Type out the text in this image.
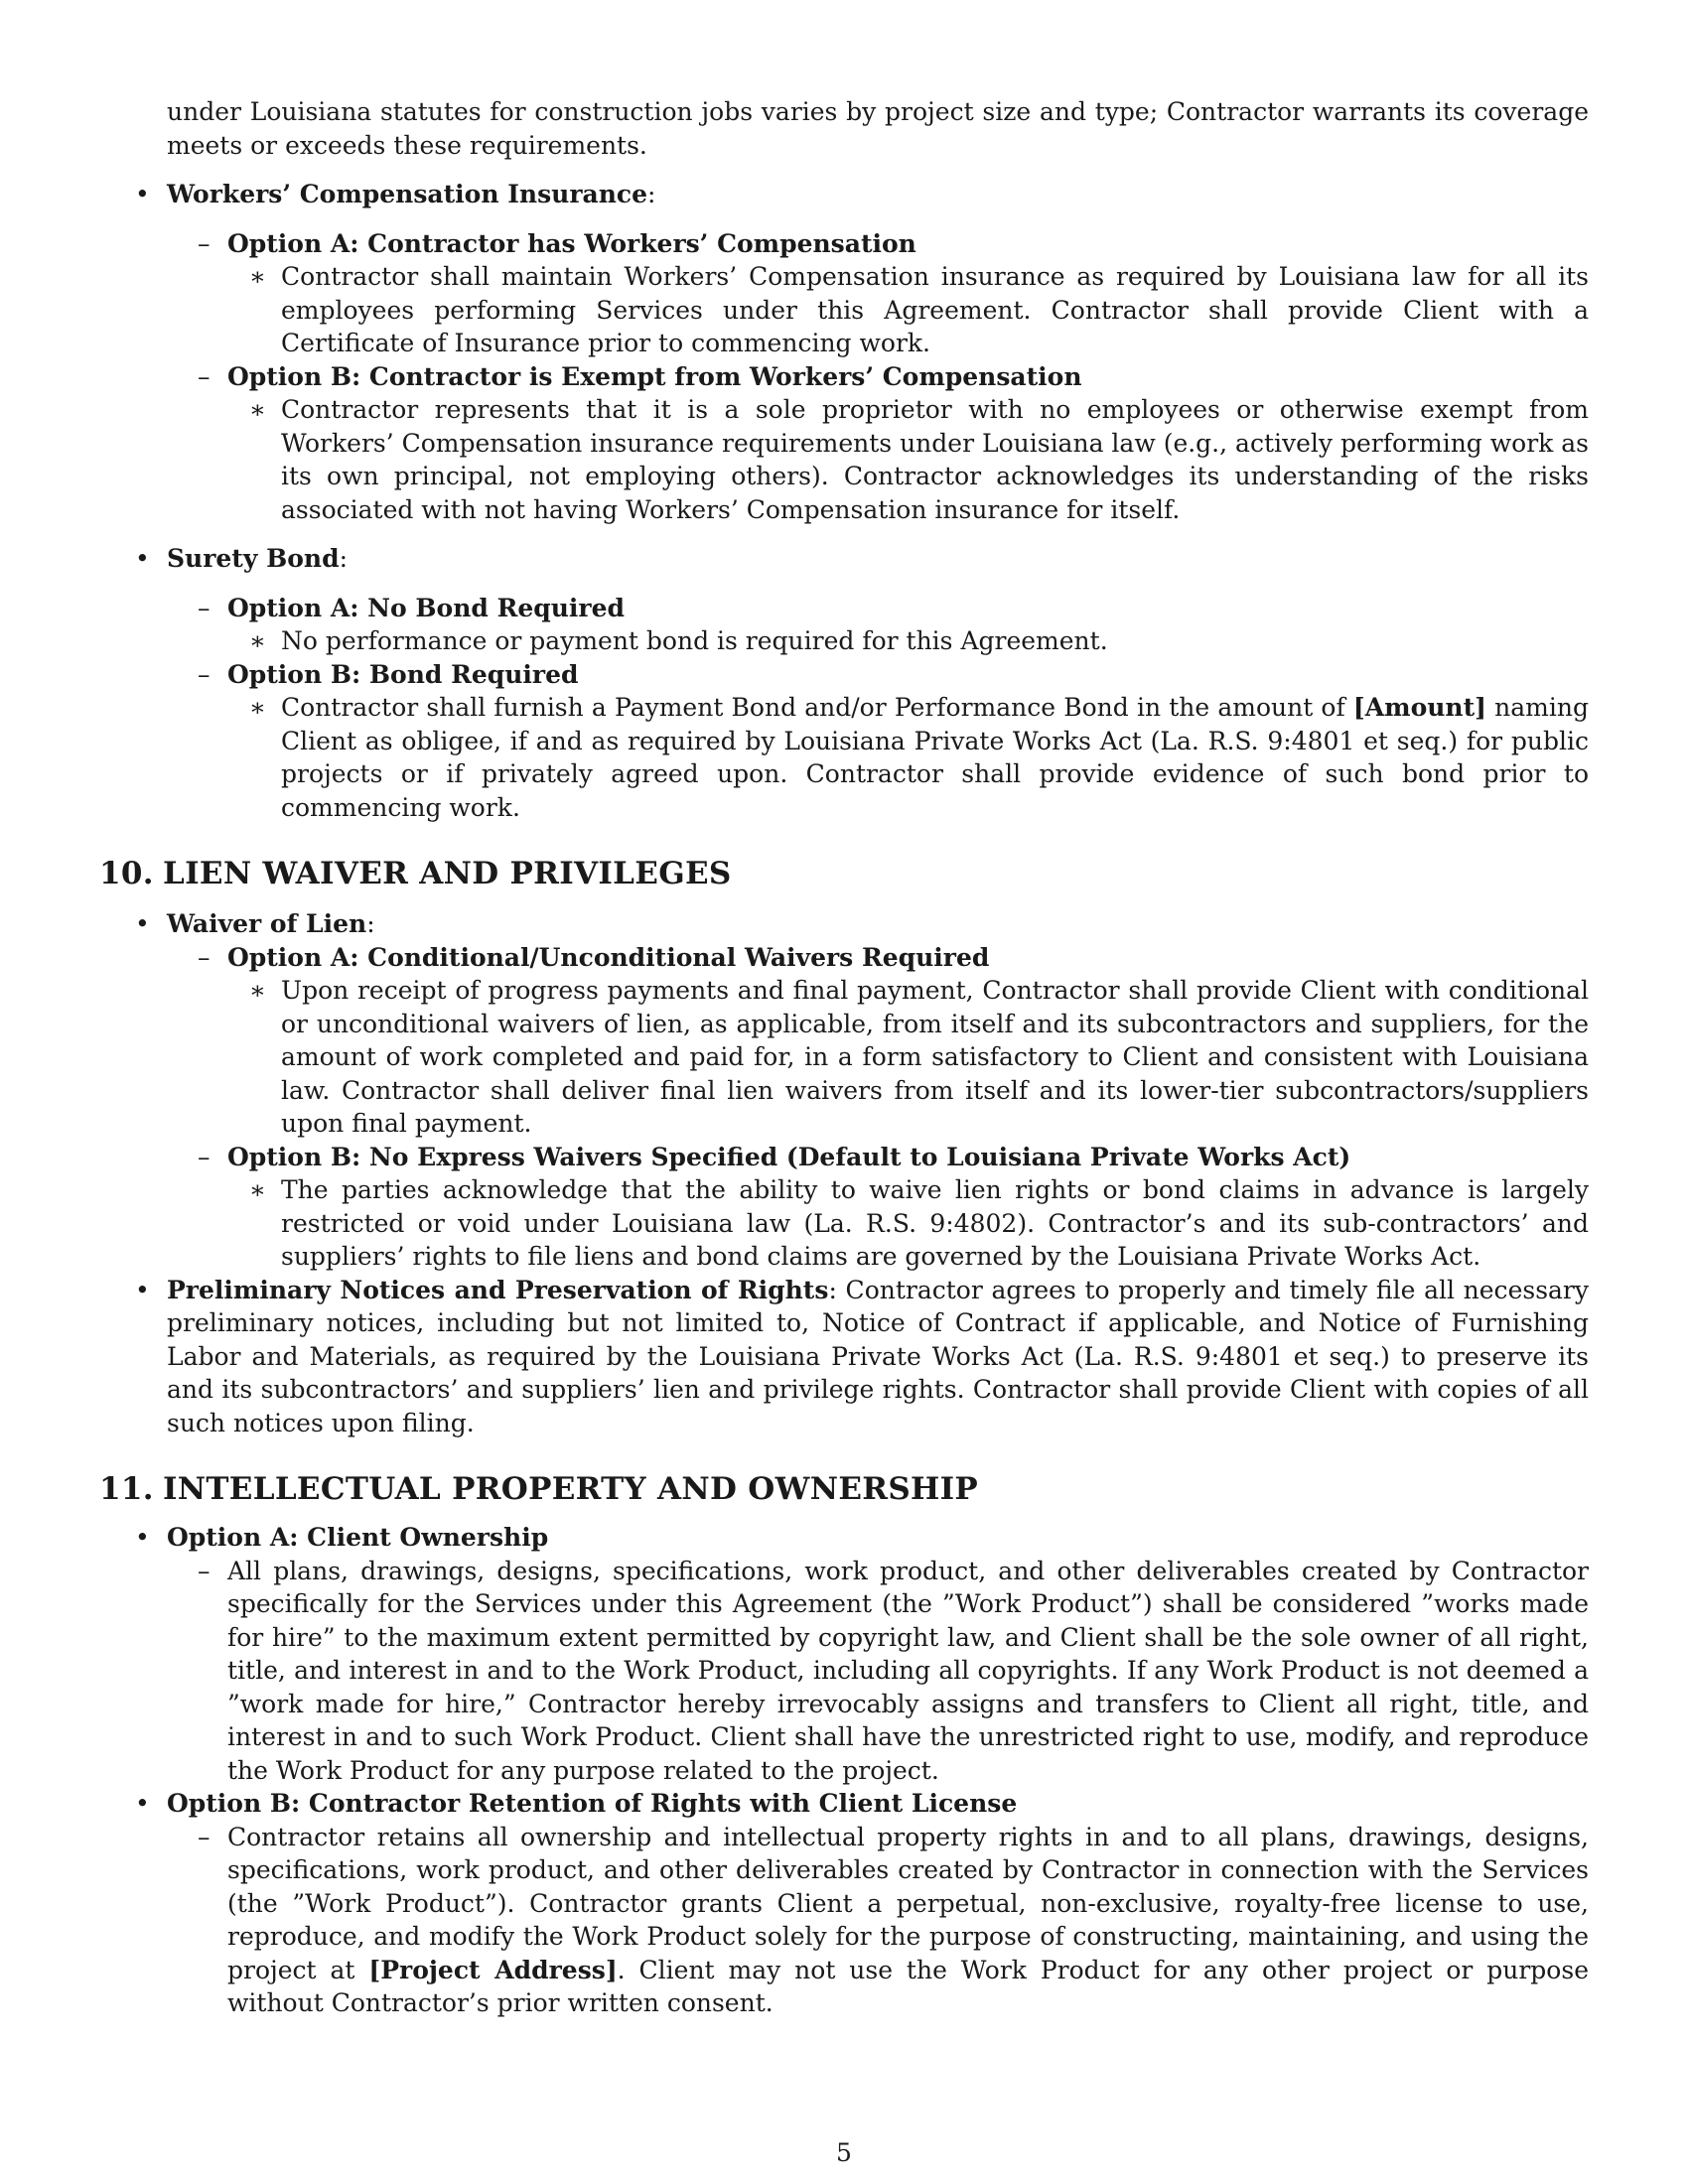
under Louisiana statutes for construction jobs varies by project size and type; Contractor warrants its coverage meets or exceeds these requirements.

• Workers’ Compensation Insurance:

– Option A: Contractor has Workers’ Compensation

∗ Contractor shall maintain Workers’ Compensation insurance as required by Louisiana law for all its employees performing Services under this Agreement. Contractor shall provide Client with a Certificate of Insurance prior to commencing work.

– Option B: Contractor is Exempt from Workers’ Compensation

∗ Contractor represents that it is a sole proprietor with no employees or otherwise exempt from Workers’ Compensation insurance requirements under Louisiana law (e.g., actively performing work as its own principal, not employing others). Contractor acknowledges its understanding of the risks associated with not having Workers’ Compensation insurance for itself.

• Surety Bond:

– Option A: No Bond Required

∗ No performance or payment bond is required for this Agreement.

– Option B: Bond Required

∗ Contractor shall furnish a Payment Bond and/or Performance Bond in the amount of [Amount] naming Client as obligee, if and as required by Louisiana Private Works Act (La. R.S. 9:4801 et seq.) for public projects or if privately agreed upon. Contractor shall provide evidence of such bond prior to commencing work.

10. LIEN WAIVER AND PRIVILEGES
• Waiver of Lien:

– Option A: Conditional/Unconditional Waivers Required

∗ Upon receipt of progress payments and final payment, Contractor shall provide Client with conditional or unconditional waivers of lien, as applicable, from itself and its subcontractors and suppliers, for the amount of work completed and paid for, in a form satisfactory to Client and consistent with Louisiana law. Contractor shall deliver final lien waivers from itself and its lower-tier subcontractors/suppliers upon final payment.

– Option B: No Express Waivers Specified (Default to Louisiana Private Works Act)

∗ The parties acknowledge that the ability to waive lien rights or bond claims in advance is largely restricted or void under Louisiana law (La. R.S. 9:4802). Contractor’s and its sub-contractors’ and suppliers’ rights to file liens and bond claims are governed by the Louisiana Private Works Act.

• Preliminary Notices and Preservation of Rights: Contractor agrees to properly and timely file all necessary preliminary notices, including but not limited to, Notice of Contract if applicable, and Notice of Furnishing Labor and Materials, as required by the Louisiana Private Works Act (La. R.S. 9:4801 et seq.) to preserve its and its subcontractors’ and suppliers’ lien and privilege rights. Contractor shall provide Client with copies of all such notices upon filing.

11. INTELLECTUAL PROPERTY AND OWNERSHIP
• Option A: Client Ownership

– All plans, drawings, designs, specifications, work product, and other deliverables created by Contractor specifically for the Services under this Agreement (the ”Work Product”) shall be considered ”works made for hire” to the maximum extent permitted by copyright law, and Client shall be the sole owner of all right, title, and interest in and to the Work Product, including all copyrights. If any Work Product is not deemed a ”work made for hire,” Contractor hereby irrevocably assigns and transfers to Client all right, title, and interest in and to such Work Product. Client shall have the unrestricted right to use, modify, and reproduce the Work Product for any purpose related to the project.

• Option B: Contractor Retention of Rights with Client License

– Contractor retains all ownership and intellectual property rights in and to all plans, drawings, designs, specifications, work product, and other deliverables created by Contractor in connection with the Services (the ”Work Product”). Contractor grants Client a perpetual, non-exclusive, royalty-free license to use, reproduce, and modify the Work Product solely for the purpose of constructing, maintaining, and using the project at [Project Address]. Client may not use the Work Product for any other project or purpose without Contractor’s prior written consent.

5
